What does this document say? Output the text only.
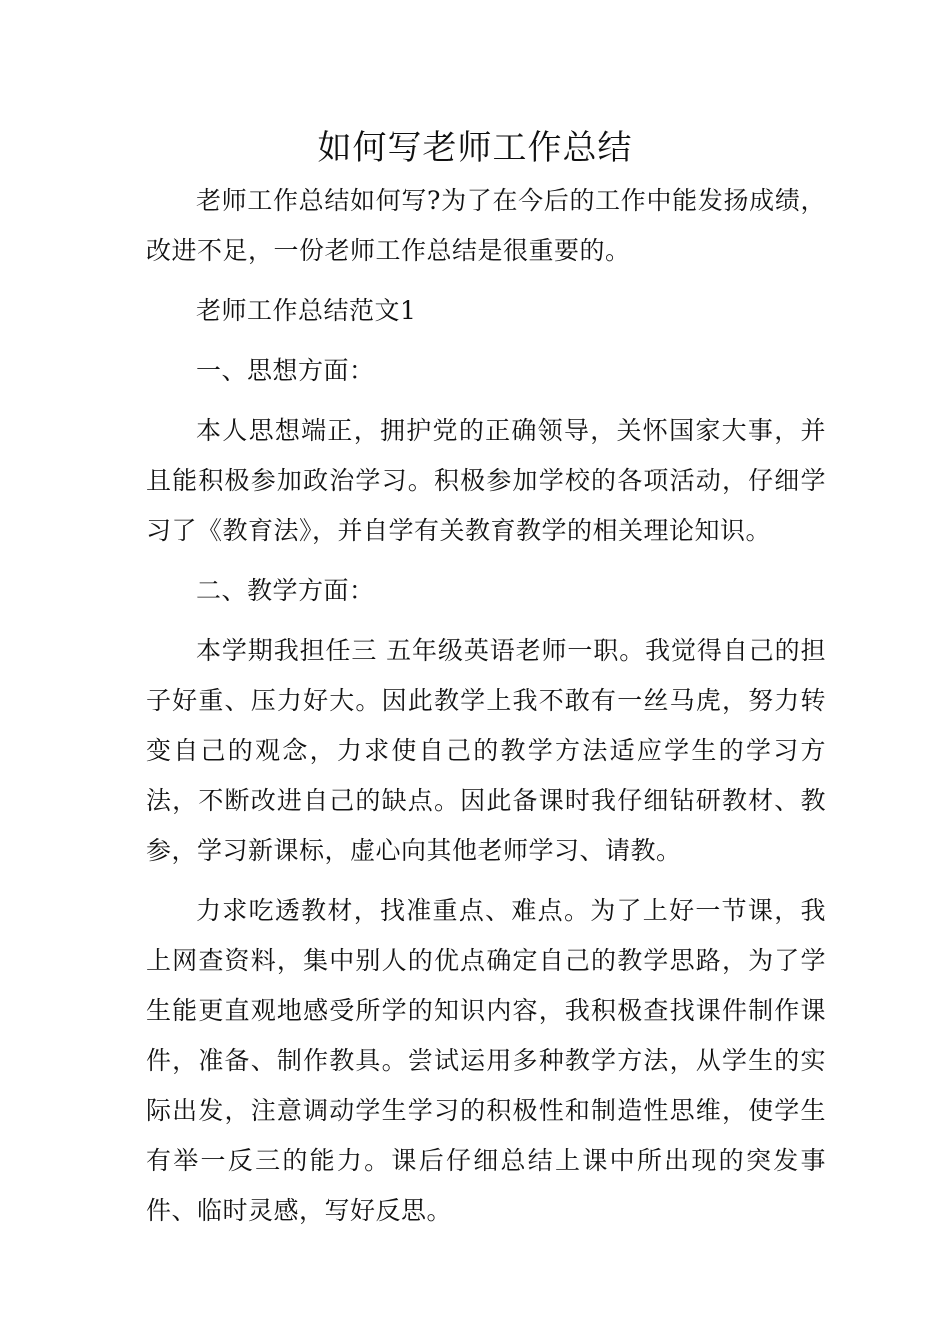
如何写老师工作总结

老师工作总结如何写?为了在今后的工作中能发扬成绩，改进不足，一份老师工作总结是很重要的。

老师工作总结范文1

一、思想方面：

本人思想端正，拥护党的正确领导，关怀国家大事，并且能积极参加政治学习。积极参加学校的各项活动，仔细学习了《教育法》，并自学有关教育教学的相关理论知识。

二、教学方面：

本学期我担任三 五年级英语老师一职。我觉得自己的担子好重、压力好大。因此教学上我不敢有一丝马虎，努力转变自己的观念，力求使自己的教学方法适应学生的学习方法，不断改进自己的缺点。因此备课时我仔细钻研教材、教参，学习新课标，虚心向其他老师学习、请教。

力求吃透教材，找准重点、难点。为了上好一节课，我上网查资料，集中别人的优点确定自己的教学思路，为了学生能更直观地感受所学的知识内容，我积极查找课件制作课件，准备、制作教具。尝试运用多种教学方法，从学生的实际出发，注意调动学生学习的积极性和制造性思维，使学生有举一反三的能力。课后仔细总结上课中所出现的突发事件、临时灵感，写好反思。
